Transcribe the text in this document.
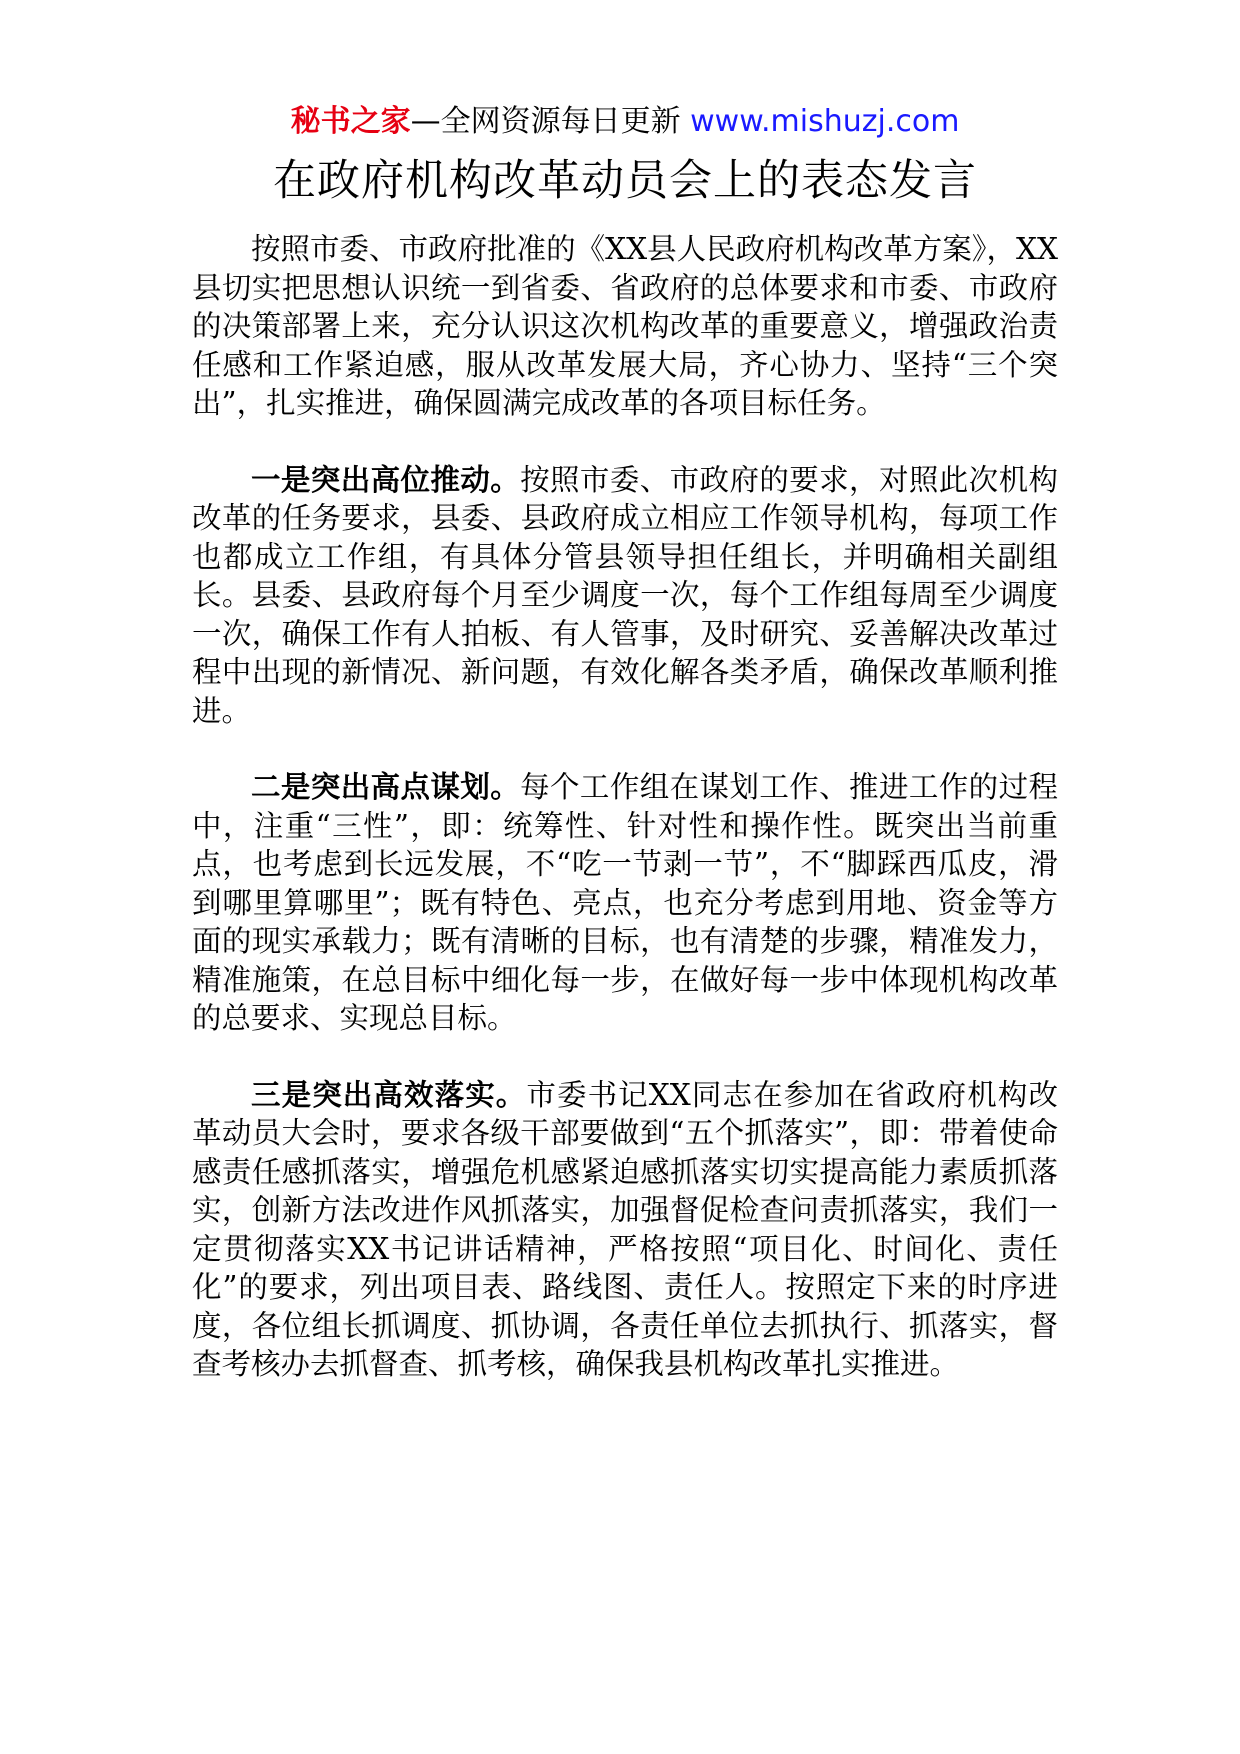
秘书之家—全网资源每日更新 www.mishuzj.com
在政府机构改革动员会上的表态发言

按照市委、市政府批准的《XX县人民政府机构改革方案》，XX县切实把思想认识统一到省委、省政府的总体要求和市委、市政府的决策部署上来，充分认识这次机构改革的重要意义，增强政治责任感和工作紧迫感，服从改革发展大局，齐心协力、坚持“三个突出”，扎实推进，确保圆满完成改革的各项目标任务。

一是突出高位推动。按照市委、市政府的要求，对照此次机构改革的任务要求，县委、县政府成立相应工作领导机构，每项工作也都成立工作组，有具体分管县领导担任组长，并明确相关副组长。县委、县政府每个月至少调度一次，每个工作组每周至少调度一次，确保工作有人拍板、有人管事，及时研究、妥善解决改革过程中出现的新情况、新问题，有效化解各类矛盾，确保改革顺利推进。

二是突出高点谋划。每个工作组在谋划工作、推进工作的过程中，注重“三性”，即：统筹性、针对性和操作性。既突出当前重点，也考虑到长远发展，不“吃一节剥一节”，不“脚踩西瓜皮，滑到哪里算哪里”；既有特色、亮点，也充分考虑到用地、资金等方面的现实承载力；既有清晰的目标，也有清楚的步骤，精准发力，精准施策，在总目标中细化每一步，在做好每一步中体现机构改革的总要求、实现总目标。

三是突出高效落实。市委书记XX同志在参加在省政府机构改革动员大会时，要求各级干部要做到“五个抓落实”，即：带着使命感责任感抓落实，增强危机感紧迫感抓落实切实提高能力素质抓落实，创新方法改进作风抓落实，加强督促检查问责抓落实，我们一定贯彻落实XX书记讲话精神，严格按照“项目化、时间化、责任化”的要求，列出项目表、路线图、责任人。按照定下来的时序进度，各位组长抓调度、抓协调，各责任单位去抓执行、抓落实，督查考核办去抓督查、抓考核，确保我县机构改革扎实推进。
